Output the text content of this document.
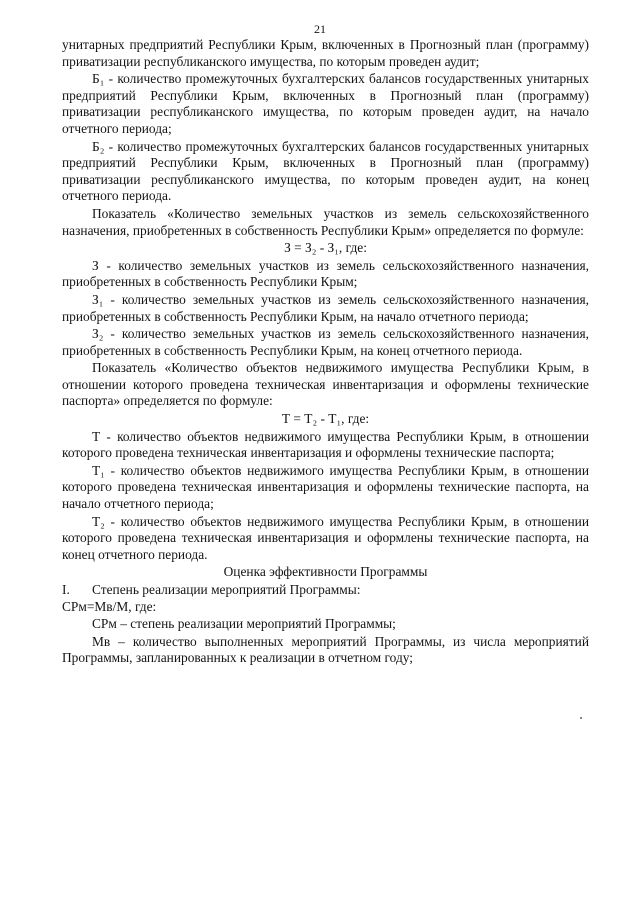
21

унитарных предприятий Республики Крым, включенных в Прогнозный план (программу) приватизации республиканского имущества, по которым проведен аудит;

Б₁ - количество промежуточных бухгалтерских балансов государственных унитарных предприятий Республики Крым, включенных в Прогнозный план (программу) приватизации республиканского имущества, по которым проведен аудит, на начало отчетного периода;

Б₂ - количество промежуточных бухгалтерских балансов государственных унитарных предприятий Республики Крым, включенных в Прогнозный план (программу) приватизации республиканского имущества, по которым проведен аудит, на конец отчетного периода.

Показатель «Количество земельных участков из земель сельскохозяйственного назначения, приобретенных в собственность Республики Крым» определяется по формуле:

З = З₂ - З₁, где:

З - количество земельных участков из земель сельскохозяйственного назначения, приобретенных в собственность Республики Крым;

З₁ - количество земельных участков из земель сельскохозяйственного назначения, приобретенных в собственность Республики Крым, на начало отчетного периода;

З₂ - количество земельных участков из земель сельскохозяйственного назначения, приобретенных в собственность Республики Крым, на конец отчетного периода.

Показатель «Количество объектов недвижимого имущества Республики Крым, в отношении которого проведена техническая инвентаризация и оформлены технические паспорта» определяется по формуле:

Т = Т₂ - Т₁, где:

Т - количество объектов недвижимого имущества Республики Крым, в отношении которого проведена техническая инвентаризация и оформлены технические паспорта;

Т₁ - количество объектов недвижимого имущества Республики Крым, в отношении которого проведена техническая инвентаризация и оформлены технические паспорта, на начало отчетного периода;

Т₂ - количество объектов недвижимого имущества Республики Крым, в отношении которого проведена техническая инвентаризация и оформлены технические паспорта, на конец отчетного периода.

Оценка эффективности Программы

I.	Степень реализации мероприятий Программы:

СРм=Мв/М, где:

СРм – степень реализации мероприятий Программы;

Мв – количество выполненных мероприятий Программы, из числа мероприятий Программы, запланированных к реализации в отчетном году;
